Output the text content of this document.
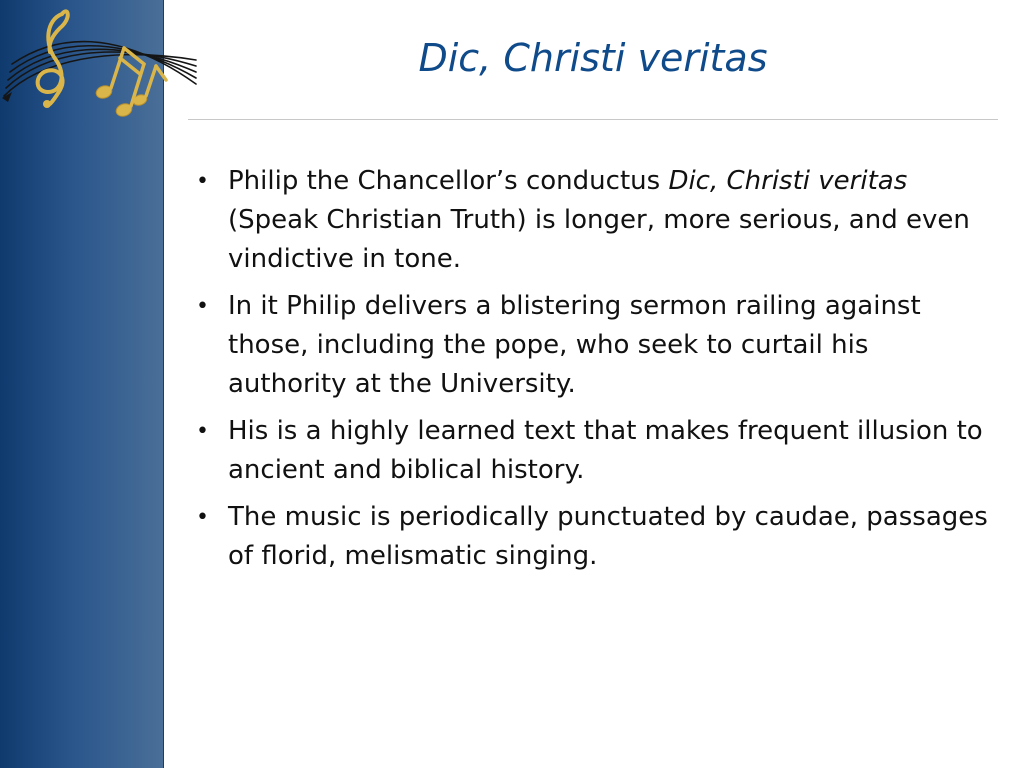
Dic, Christi veritas
• Philip the Chancellor’s conductus Dic, Christi veritas (Speak Christian Truth) is longer, more serious, and even vindictive in tone.
• In it Philip delivers a blistering sermon railing against those, including the pope, who seek to curtail his authority at the University.
• His is a highly learned text that makes frequent illusion to ancient and biblical history.
• The music is periodically punctuated by caudae, passages of florid, melismatic singing.
